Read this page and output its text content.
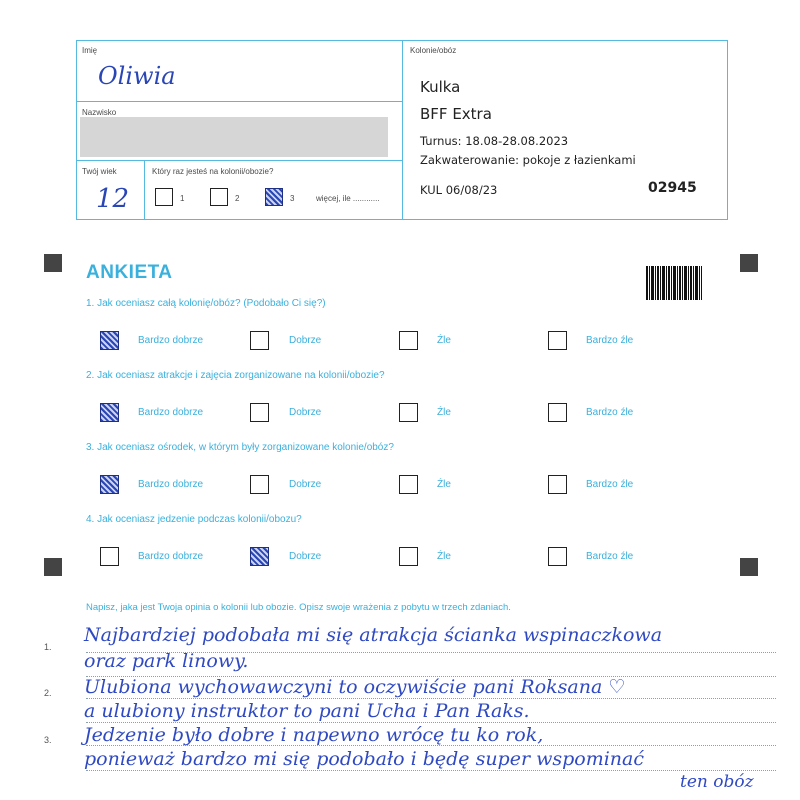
Imię
Oliwia
Nazwisko
Twój wiek
12
Który raz jesteś na kolonii/obozie?
1	2	3	więcej, ile ............
Kolonie/obóz
Kulka
BFF Extra
Turnus: 18.08-28.08.2023
Zakwaterowanie: pokoje z łazienkami
KUL 06/08/23	02945
ANKIETA
1. Jak oceniasz całą kolonię/obóz? (Podobało Ci się?)
Bardzo dobrze	Dobrze	Źle	Bardzo źle
2. Jak oceniasz atrakcje i zajęcia zorganizowane na kolonii/obozie?
Bardzo dobrze	Dobrze	Źle	Bardzo źle
3. Jak oceniasz ośrodek, w którym były zorganizowane kolonie/obóz?
Bardzo dobrze	Dobrze	Źle	Bardzo źle
4. Jak oceniasz jedzenie podczas kolonii/obozu?
Bardzo dobrze	Dobrze	Źle	Bardzo źle
Napisz, jaka jest Twoja opinia o kolonii lub obozie. Opisz swoje wrażenia z pobytu w trzech zdaniach.
1.
2.
3.
Najbardziej podobała mi się atrakcja ścianka wspinaczkowa
oraz park linowy.
Ulubiona wychowawczyni to oczywiście pani Roksana ♡
a ulubiony instruktor to pani Ucha i Pan Raks.
Jedzenie było dobre i napewno wrócę tu ko rok,
ponieważ bardzo mi się podobało i będę super wspominać
ten obóz
